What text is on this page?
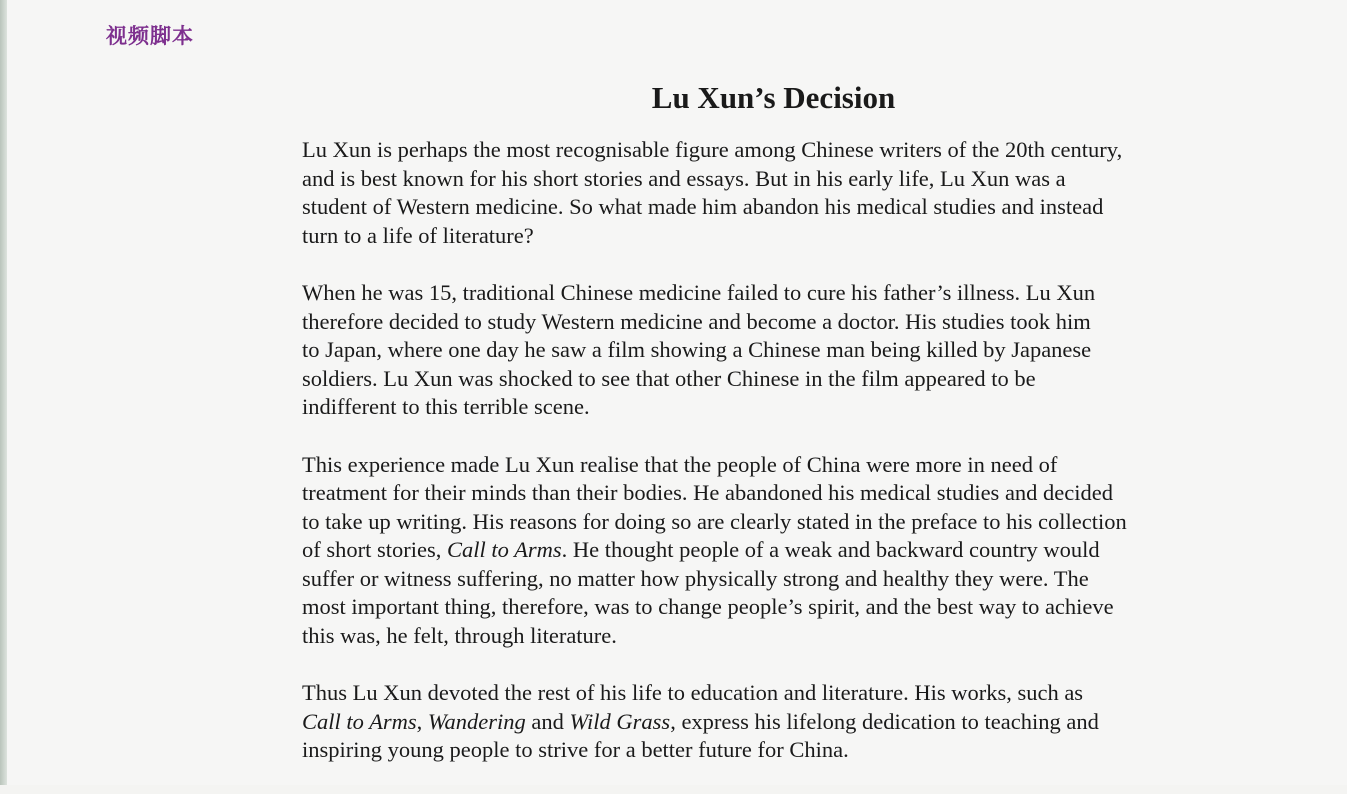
视频脚本
Lu Xun’s Decision

Lu Xun is perhaps the most recognisable figure among Chinese writers of the 20th century,
and is best known for his short stories and essays. But in his early life, Lu Xun was a
student of Western medicine. So what made him abandon his medical studies and instead
turn to a life of literature?

When he was 15, traditional Chinese medicine failed to cure his father’s illness. Lu Xun
therefore decided to study Western medicine and become a doctor. His studies took him
to Japan, where one day he saw a film showing a Chinese man being killed by Japanese
soldiers. Lu Xun was shocked to see that other Chinese in the film appeared to be
indifferent to this terrible scene.

This experience made Lu Xun realise that the people of China were more in need of
treatment for their minds than their bodies. He abandoned his medical studies and decided
to take up writing. His reasons for doing so are clearly stated in the preface to his collection
of short stories, Call to Arms. He thought people of a weak and backward country would
suffer or witness suffering, no matter how physically strong and healthy they were. The
most important thing, therefore, was to change people’s spirit, and the best way to achieve
this was, he felt, through literature.

Thus Lu Xun devoted the rest of his life to education and literature. His works, such as
Call to Arms, Wandering and Wild Grass, express his lifelong dedication to teaching and
inspiring young people to strive for a better future for China.
